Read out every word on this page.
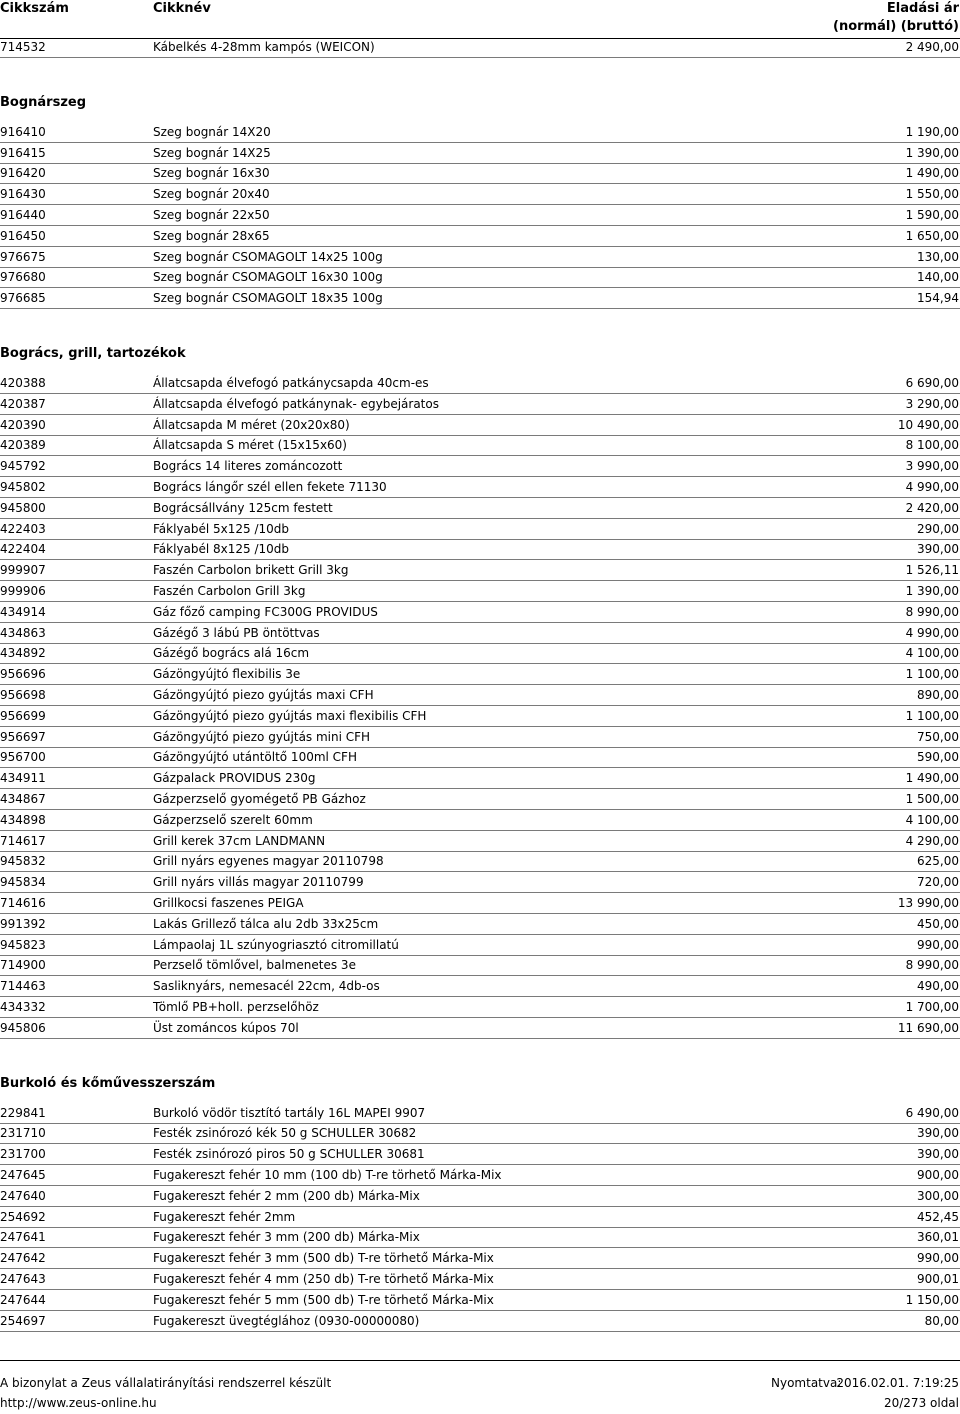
Cikkszám	Cikknév	Eladási ár
(normál) (bruttó)
714532	Kábelkés 4-28mm kampós (WEICON)	2 490,00
Bognárszeg
916410	Szeg bognár 14X20	1 190,00
916415	Szeg bognár 14X25	1 390,00
916420	Szeg bognár 16x30	1 490,00
916430	Szeg bognár 20x40	1 550,00
916440	Szeg bognár 22x50	1 590,00
916450	Szeg bognár 28x65	1 650,00
976675	Szeg bognár CSOMAGOLT 14x25 100g	130,00
976680	Szeg bognár CSOMAGOLT 16x30 100g	140,00
976685	Szeg bognár CSOMAGOLT 18x35 100g	154,94
Bogrács, grill, tartozékok
420388	Állatcsapda élvefogó patkánycsapda 40cm-es	6 690,00
420387	Állatcsapda élvefogó patkánynak- egybejáratos	3 290,00
420390	Állatcsapda M méret (20x20x80)	10 490,00
420389	Állatcsapda S méret (15x15x60)	8 100,00
945792	Bogrács 14 literes zománcozott	3 990,00
945802	Bogrács lángőr szél ellen fekete 71130	4 990,00
945800	Bográcsállvány 125cm festett	2 420,00
422403	Fáklyabél 5x125 /10db	290,00
422404	Fáklyabél 8x125 /10db	390,00
999907	Faszén Carbolon brikett Grill 3kg	1 526,11
999906	Faszén Carbolon Grill 3kg	1 390,00
434914	Gáz főző camping FC300G PROVIDUS	8 990,00
434863	Gázégő 3 lábú PB öntöttvas	4 990,00
434892	Gázégő bogrács alá 16cm	4 100,00
956696	Gázöngyújtó flexibilis 3e	1 100,00
956698	Gázöngyújtó piezo gyújtás maxi CFH	890,00
956699	Gázöngyújtó piezo gyújtás maxi flexibilis CFH	1 100,00
956697	Gázöngyújtó piezo gyújtás mini CFH	750,00
956700	Gázöngyújtó utántöltő 100ml CFH	590,00
434911	Gázpalack PROVIDUS 230g	1 490,00
434867	Gázperzselő gyomégető PB Gázhoz	1 500,00
434898	Gázperzselő szerelt 60mm	4 100,00
714617	Grill kerek 37cm LANDMANN	4 290,00
945832	Grill nyárs egyenes magyar 20110798	625,00
945834	Grill nyárs villás magyar 20110799	720,00
714616	Grillkocsi faszenes PEIGA	13 990,00
991392	Lakás Grillező tálca alu 2db 33x25cm	450,00
945823	Lámpaolaj 1L szúnyogriasztó citromillatú	990,00
714900	Perzselő tömlővel, balmenetes 3e	8 990,00
714463	Sasliknyárs, nemesacél 22cm, 4db-os	490,00
434332	Tömlő PB+holl. perzselőhöz	1 700,00
945806	Üst zománcos kúpos 70l	11 690,00
Burkoló és kőművesszerszám
229841	Burkoló vödör tisztító tartály 16L MAPEI 9907	6 490,00
231710	Festék zsinórozó kék 50 g SCHULLER 30682	390,00
231700	Festék zsinórozó piros 50 g SCHULLER 30681	390,00
247645	Fugakereszt fehér 10 mm (100 db) T-re törhető Márka-Mix	900,00
247640	Fugakereszt fehér 2 mm (200 db) Márka-Mix	300,00
254692	Fugakereszt fehér 2mm	452,45
247641	Fugakereszt fehér 3 mm (200 db) Márka-Mix	360,01
247642	Fugakereszt fehér 3 mm (500 db) T-re törhető Márka-Mix	990,00
247643	Fugakereszt fehér 4 mm (250 db) T-re törhető Márka-Mix	900,01
247644	Fugakereszt fehér 5 mm (500 db) T-re törhető Márka-Mix	1 150,00
254697	Fugakereszt üvegtéglához (0930-00000080)	80,00
A bizonylat a Zeus vállalatirányítási rendszerrel készült
http://www.zeus-online.hu
Nyomtatva:
2016.02.01. 7:19:25
20/273 oldal
